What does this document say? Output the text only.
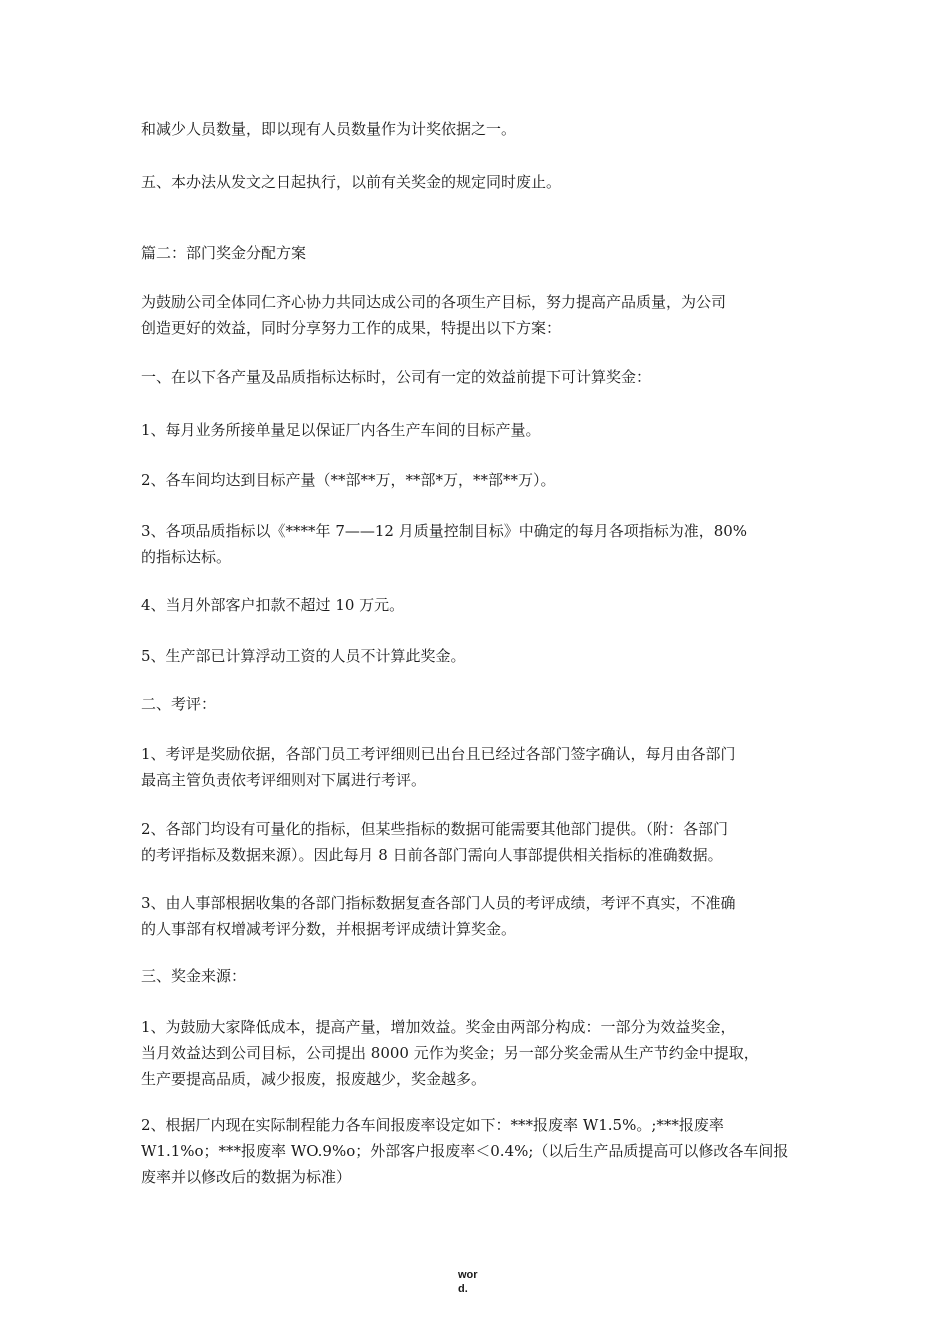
和减少人员数量，即以现有人员数量作为计奖依据之一。

五、本办法从发文之日起执行，以前有关奖金的规定同时废止。

篇二：部门奖金分配方案

为鼓励公司全体同仁齐心协力共同达成公司的各项生产目标，努力提高产品质量，为公司
创造更好的效益，同时分享努力工作的成果，特提出以下方案：

一、在以下各产量及品质指标达标时，公司有一定的效益前提下可计算奖金：

1、每月业务所接单量足以保证厂内各生产车间的目标产量。

2、各车间均达到目标产量（**部**万，**部*万，**部**万）。

3、各项品质指标以《****年 7——12 月质量控制目标》中确定的每月各项指标为准，80%
的指标达标。

4、当月外部客户扣款不超过 10 万元。

5、生产部已计算浮动工资的人员不计算此奖金。

二、考评：

1、考评是奖励依据，各部门员工考评细则已出台且已经过各部门签字确认，每月由各部门
最高主管负责依考评细则对下属进行考评。

2、各部门均设有可量化的指标，但某些指标的数据可能需要其他部门提供。（附：各部门
的考评指标及数据来源）。因此每月 8 日前各部门需向人事部提供相关指标的准确数据。

3、由人事部根据收集的各部门指标数据复查各部门人员的考评成绩，考评不真实，不准确
的人事部有权增减考评分数，并根据考评成绩计算奖金。

三、奖金来源：

1、为鼓励大家降低成本，提高产量，增加效益。奖金由两部分构成：一部分为效益奖金，
当月效益达到公司目标，公司提出 8000 元作为奖金；另一部分奖金需从生产节约金中提取，
生产要提高品质，减少报废，报废越少，奖金越多。

2、根据厂内现在实际制程能力各车间报废率设定如下：***报废率 W1.5%。;***报废率
W1.1%o；***报废率 WO.9%o；外部客户报废率＜0.4%;（以后生产品质提高可以修改各车间报
废率并以修改后的数据为标准）

wor
d.
